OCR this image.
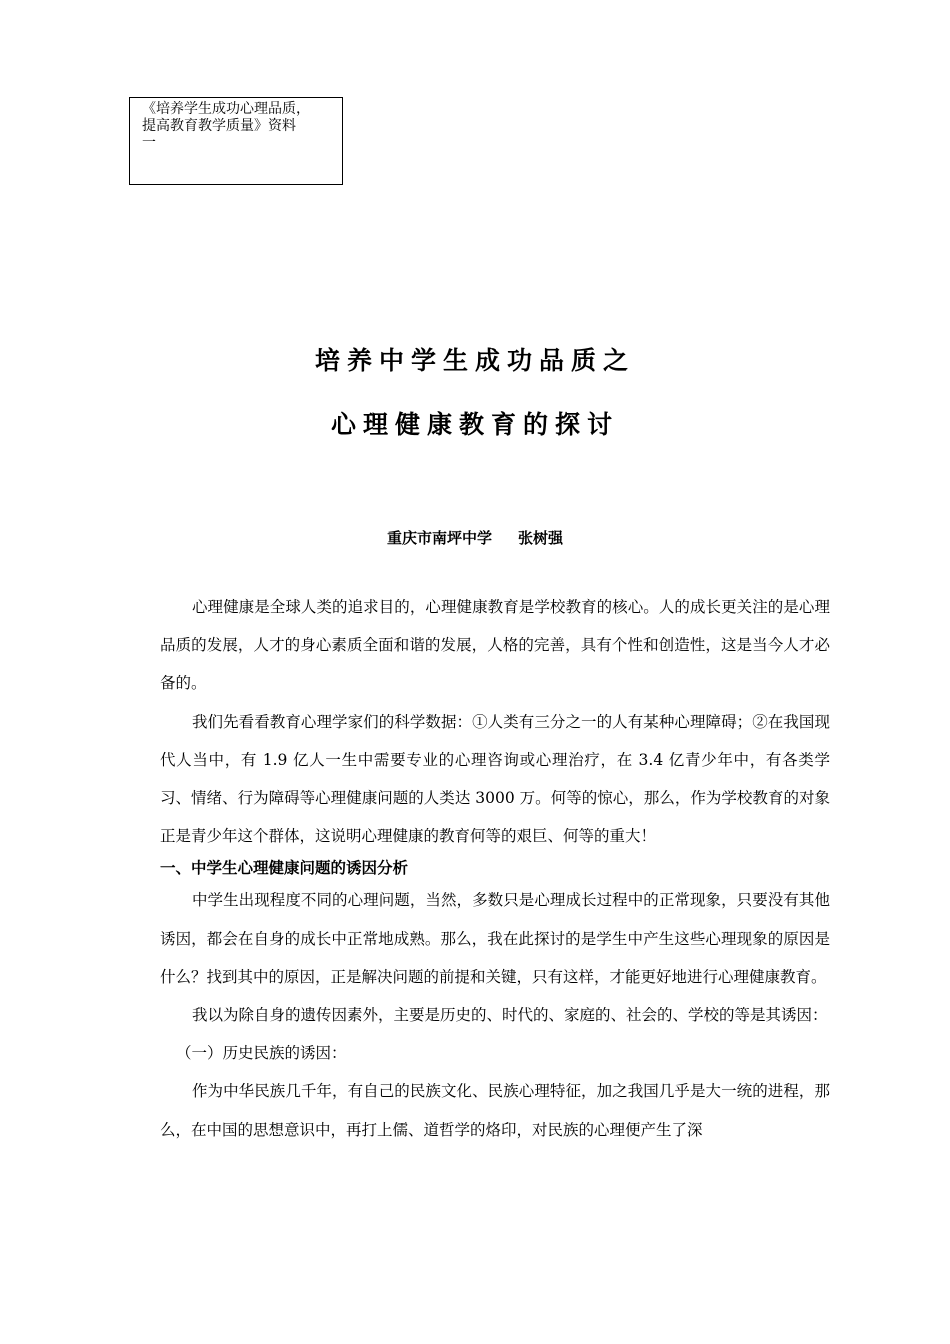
《培养学生成功心理品质，
提高教育教学质量》资料
一
培养中学生成功品质之
心理健康教育的探讨
重庆市南坪中学 张树强

心理健康是全球人类的追求目的，心理健康教育是学校教育的核心。人的成长更关注的是心理品质的发展，人才的身心素质全面和谐的发展，人格的完善，具有个性和创造性，这是当今人才必备的。

我们先看看教育心理学家们的科学数据：①人类有三分之一的人有某种心理障碍；②在我国现代人当中，有 1.9 亿人一生中需要专业的心理咨询或心理治疗，在 3.4 亿青少年中，有各类学习、情绪、行为障碍等心理健康问题的人类达 3000 万。何等的惊心，那么，作为学校教育的对象正是青少年这个群体，这说明心理健康的教育何等的艰巨、何等的重大！

一、中学生心理健康问题的诱因分析

中学生出现程度不同的心理问题，当然，多数只是心理成长过程中的正常现象，只要没有其他诱因，都会在自身的成长中正常地成熟。那么，我在此探讨的是学生中产生这些心理现象的原因是什么？找到其中的原因，正是解决问题的前提和关键，只有这样，才能更好地进行心理健康教育。

我以为除自身的遗传因素外，主要是历史的、时代的、家庭的、社会的、学校的等是其诱因：

（一）历史民族的诱因：

作为中华民族几千年，有自己的民族文化、民族心理特征，加之我国几乎是大一统的进程，那么，在中国的思想意识中，再打上儒、道哲学的烙印，对民族的心理便产生了深
